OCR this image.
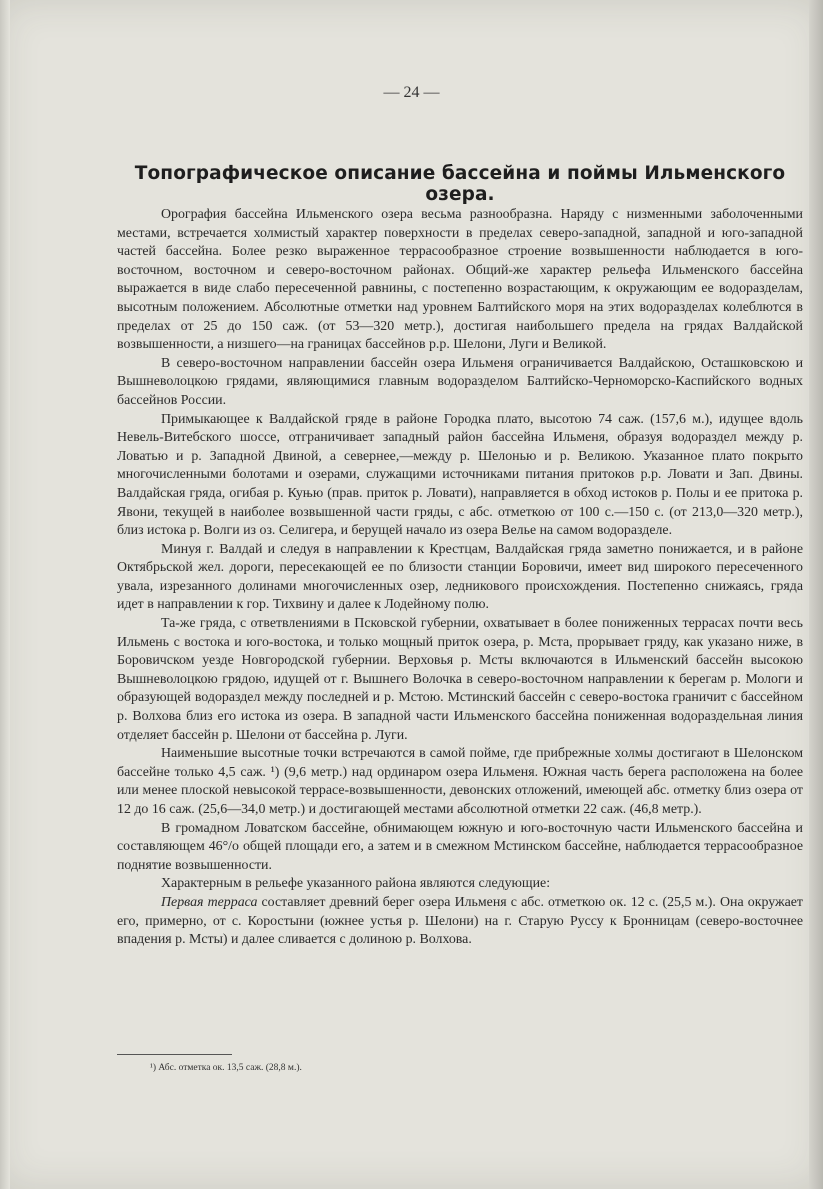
— 24 —
Топографическое описание бассейна и поймы Ильменского озера.

Орография бассейна Ильменского озера весьма разнообразна. Наряду с низменными заболоченными местами, встречается холмистый характер поверхности в пределах северо-западной, западной и юго-западной частей бассейна. Более резко выраженное террасообразное строение возвышенности наблюдается в юго-восточном, восточном и северо-восточном районах. Общий-же характер рельефа Ильменского бассейна выражается в виде слабо пересеченной равнины, с постепенно возрастающим, к окружающим ее водоразделам, высотным положением. Абсолютные отметки над уровнем Балтийского моря на этих водоразделах колеблются в пределах от 25 до 150 саж. (от 53—320 метр.), достигая наибольшего предела на грядах Валдайской возвышенности, а низшего—на границах бассейнов р.р. Шелони, Луги и Великой.

В северо-восточном направлении бассейн озера Ильменя ограничивается Валдайскою, Осташковскою и Вышневолоцкою грядами, являющимися главным водоразделом Балтийско-Черноморско-Каспийского водных бассейнов России.

Примыкающее к Валдайской гряде в районе Городка плато, высотою 74 саж. (157,6 м.), идущее вдоль Невель-Витебского шоссе, отграничивает западный район бассейна Ильменя, образуя водораздел между р. Ловатью и р. Западной Двиной, а севернее,—между р. Шелонью и р. Великою. Указанное плато покрыто многочисленными болотами и озерами, служащими источниками питания притоков р.р. Ловати и Зап. Двины. Валдайская гряда, огибая р. Куњю (прав. приток р. Ловати), направляется в обход истоков р. Полы и ее притока р. Явони, текущей в наиболее возвышенной части гряды, с абс. отметкою от 100 с.—150 с. (от 213,0—320 метр.), близ истока р. Волги из оз. Селигера, и берущей начало из озера Велье на самом водоразделе.

Минуя г. Валдай и следуя в направлении к Крестцам, Валдайская гряда заметно понижается, и в районе Октябрьской жел. дороги, пересекающей ее по близости станции Боровичи, имеет вид широкого пересеченного увала, изрезанного долинами многочисленных озер, ледникового происхождения. Постепенно снижаясь, гряда идет в направлении к гор. Тихвину и далее к Лодейному полю.

Та-же гряда, с ответвлениями в Псковской губернии, охватывает в более пониженных террасах почти весь Ильмень с востока и юго-востока, и только мощный приток озера, р. Мста, прорывает гряду, как указано ниже, в Боровичском уезде Новгородской губернии. Верховья р. Мсты включаются в Ильменский бассейн высокою Вышневолоцкою грядою, идущей от г. Вышнего Волочка в северо-восточном направлении к берегам р. Мологи и образующей водораздел между последней и р. Мстою. Мстинский бассейн с северо-востока граничит с бассейном р. Волхова близ его истока из озера. В западной части Ильменского бассейна пониженная водораздельная линия отделяет бассейн р. Шелони от бассейна р. Луги.

Наименьшие высотные точки встречаются в самой пойме, где прибрежные холмы достигают в Шелонском бассейне только 4,5 саж. ¹) (9,6 метр.) над ординаром озера Ильменя. Южная часть берега расположена на более или менее плоской невысокой террасе-возвышенности, девонских отложений, имеющей абс. отметку близ озера от 12 до 16 саж. (25,6—34,0 метр.) и достигающей местами абсолютной отметки 22 саж. (46,8 метр.).

В громадном Ловатском бассейне, обнимающем южную и юго-восточную части Ильменского бассейна и составляющем 46°/о общей площади его, а затем и в смежном Мстинском бассейне, наблюдается террасообразное поднятие возвышенности.

Характерным в рельефе указанного района являются следующие:

Первая терраса составляет древний берег озера Ильменя с абс. отметкою ок. 12 с. (25,5 м.). Она окружает его, примерно, от с. Коростыни (южнее устья р. Шелони) на г. Старую Руссу к Бронницам (северо-восточнее впадения р. Мсты) и далее сливается с долиною р. Волхова.

¹) Абс. отметка ок. 13,5 саж. (28,8 м.).
